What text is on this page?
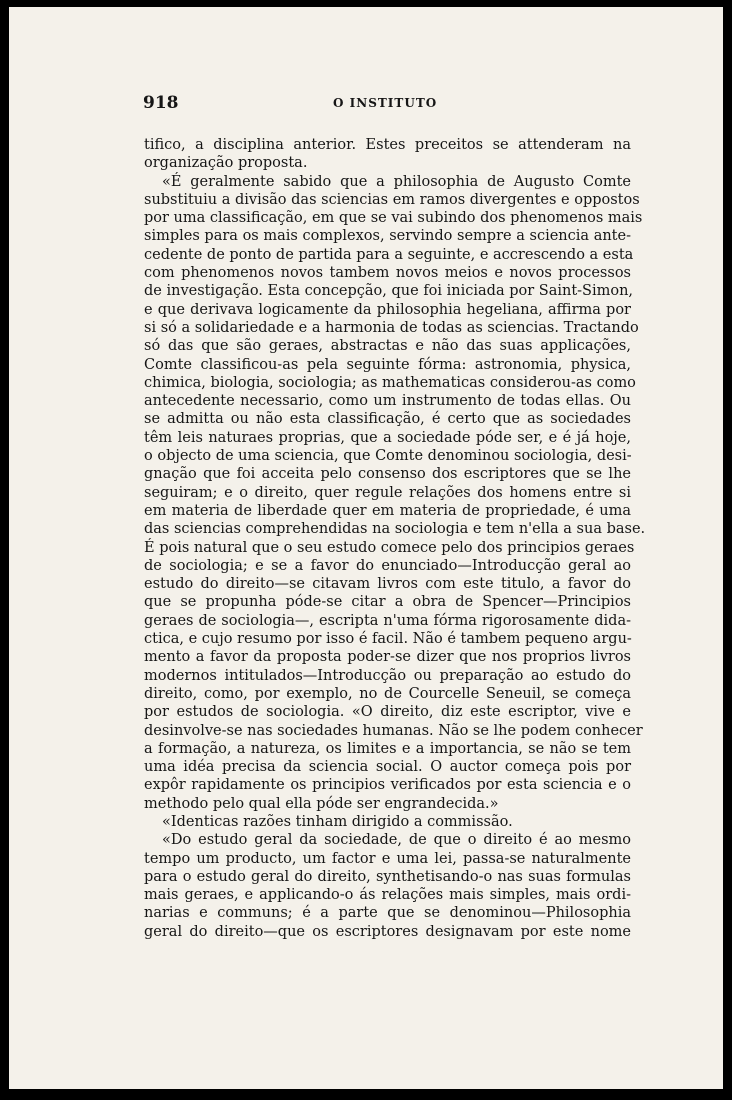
918	O INSTITUTO
tifico, a disciplina anterior. Estes preceitos se attenderam na
organização proposta.
«É geralmente sabido que a philosophia de Augusto Comte
substituiu a divisão das sciencias em ramos divergentes e oppostos
por uma classificação, em que se vai subindo dos phenomenos mais
simples para os mais complexos, servindo sempre a sciencia ante-
cedente de ponto de partida para a seguinte, e accrescendo a esta
com phenomenos novos tambem novos meios e novos processos
de investigação. Esta concepção, que foi iniciada por Saint-Simon,
e que derivava logicamente da philosophia hegeliana, affirma por
si só a solidariedade e a harmonia de todas as sciencias. Tractando
só das que são geraes, abstractas e não das suas applicações,
Comte classificou-as pela seguinte fórma: astronomia, physica,
chimica, biologia, sociologia; as mathematicas considerou-as como
antecedente necessario, como um instrumento de todas ellas. Ou
se admitta ou não esta classificação, é certo que as sociedades
têm leis naturaes proprias, que a sociedade póde ser, e é já hoje,
o objecto de uma sciencia, que Comte denominou sociologia, desi-
gnação que foi acceita pelo consenso dos escriptores que se lhe
seguiram; e o direito, quer regule relações dos homens entre si
em materia de liberdade quer em materia de propriedade, é uma
das sciencias comprehendidas na sociologia e tem n'ella a sua base.
É pois natural que o seu estudo comece pelo dos principios geraes
de sociologia; e se a favor do enunciado—Introducção geral ao
estudo do direito—se citavam livros com este titulo, a favor do
que se propunha póde-se citar a obra de Spencer—Principios
geraes de sociologia—, escripta n'uma fórma rigorosamente dida-
ctica, e cujo resumo por isso é facil. Não é tambem pequeno argu-
mento a favor da proposta poder-se dizer que nos proprios livros
modernos intitulados—Introducção ou preparação ao estudo do
direito, como, por exemplo, no de Courcelle Seneuil, se começa
por estudos de sociologia. «O direito, diz este escriptor, vive e
desinvolve-se nas sociedades humanas. Não se lhe podem conhecer
a formação, a natureza, os limites e a importancia, se não se tem
uma idéa precisa da sciencia social. O auctor começa pois por
expôr rapidamente os principios verificados por esta sciencia e o
methodo pelo qual ella póde ser engrandecida.»
«Identicas razões tinham dirigido a commissão.
«Do estudo geral da sociedade, de que o direito é ao mesmo
tempo um producto, um factor e uma lei, passa-se naturalmente
para o estudo geral do direito, synthetisando-o nas suas formulas
mais geraes, e applicando-o ás relações mais simples, mais ordi-
narias e communs; é a parte que se denominou—Philosophia
geral do direito—que os escriptores designavam por este nome
